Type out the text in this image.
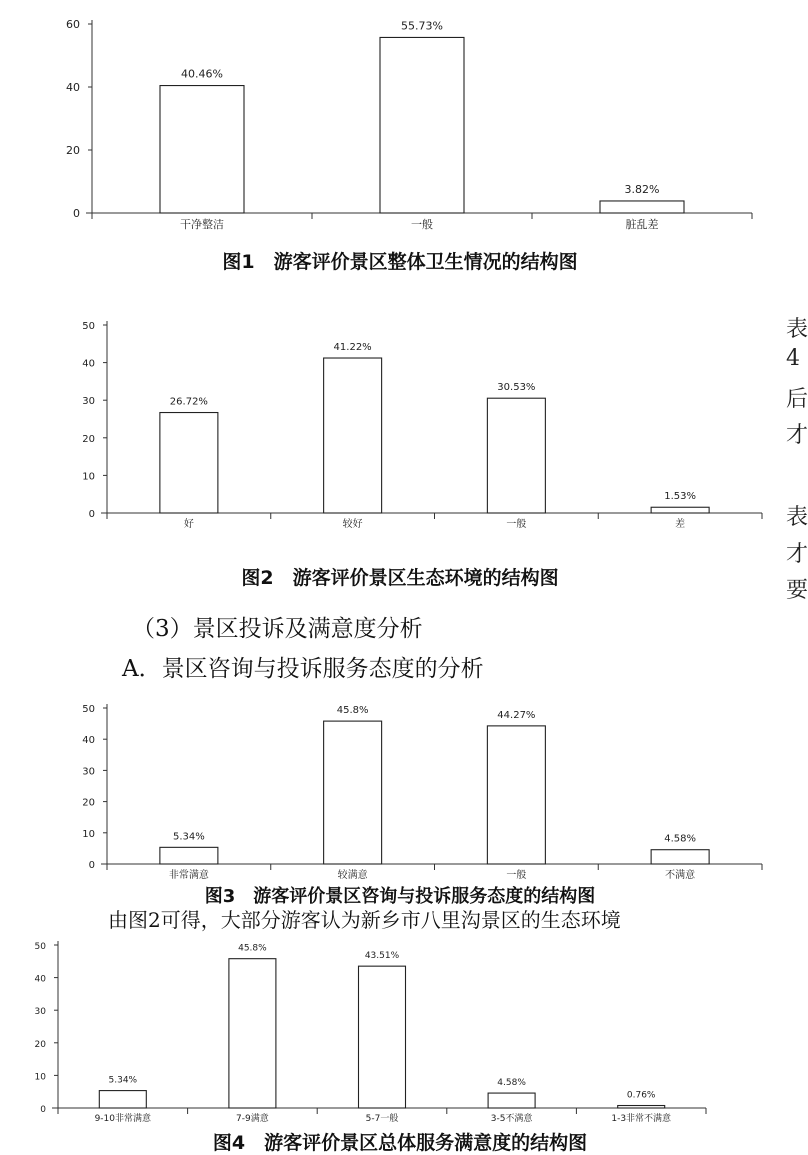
0
20
40
60
40.46%
干净整洁
55.73%
一般
3.82%
脏乱差
图1　游客评价景区整体卫生情况的结构图
0
10
20
30
40
50
26.72%
好
41.22%
较好
30.53%
一般
1.53%
差
图2　游客评价景区生态环境的结构图
（3）景区投诉及满意度分析
A．景区咨询与投诉服务态度的分析
0
10
20
30
40
50
5.34%
非常满意
45.8%
较满意
44.27%
一般
4.58%
不满意
图3　游客评价景区咨询与投诉服务态度的结构图
由图2可得，大部分游客认为新乡市八里沟景区的生态环境
0
10
20
30
40
50
5.34%
9-10非常满意
45.8%
7-9满意
43.51%
5-7一般
4.58%
3-5不满意
0.76%
1-3非常不满意
图4　游客评价景区总体服务满意度的结构图
表
4
后
才
表
才
要
